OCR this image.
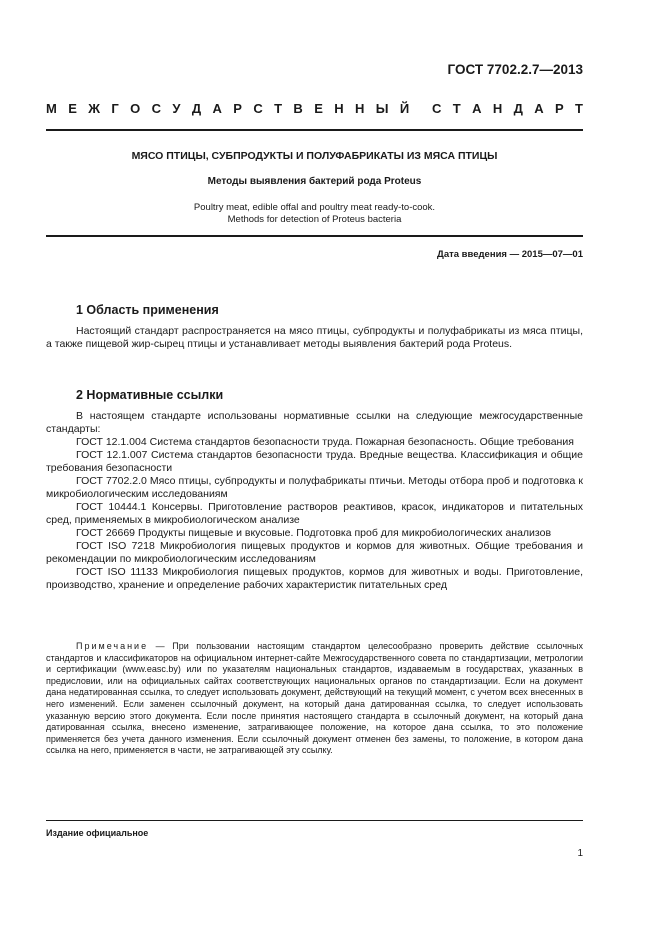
ГОСТ 7702.2.7—2013
М Е Ж Г О С У Д А Р С Т В Е Н Н Ы Й С Т А Н Д А Р Т
МЯСО ПТИЦЫ, СУБПРОДУКТЫ И ПОЛУФАБРИКАТЫ ИЗ МЯСА ПТИЦЫ
Методы выявления бактерий рода Proteus
Poultry meat, edible offal and poultry meat ready-to-cook.
Methods for detection of Proteus bacteria
Дата введения — 2015—07—01
1 Область применения
Настоящий стандарт распространяется на мясо птицы, субпродукты и полуфабрикаты из мяса птицы, а также пищевой жир-сырец птицы и устанавливает методы выявления бактерий рода Proteus.
2 Нормативные ссылки

В настоящем стандарте использованы нормативные ссылки на следующие межгосударственные стандарты:

ГОСТ 12.1.004 Система стандартов безопасности труда. Пожарная безопасность. Общие требования

ГОСТ 12.1.007 Система стандартов безопасности труда. Вредные вещества. Классификация и общие требования безопасности

ГОСТ 7702.2.0 Мясо птицы, субпродукты и полуфабрикаты птичьи. Методы отбора проб и подготовка к микробиологическим исследованиям

ГОСТ 10444.1 Консервы. Приготовление растворов реактивов, красок, индикаторов и питательных сред, применяемых в микробиологическом анализе

ГОСТ 26669 Продукты пищевые и вкусовые. Подготовка проб для микробиологических анализов

ГОСТ ISO 7218 Микробиология пищевых продуктов и кормов для животных. Общие требования и рекомендации по микробиологическим исследованиям

ГОСТ ISO 11133 Микробиология пищевых продуктов, кормов для животных и воды. Приготовление, производство, хранение и определение рабочих характеристик питательных сред

Примечание — При пользовании настоящим стандартом целесообразно проверить действие ссылочных стандартов и классификаторов на официальном интернет-сайте Межгосударственного совета по стандартизации, метрологии и сертификации (www.easc.by) или по указателям национальных стандартов, издаваемым в государствах, указанных в предисловии, или на официальных сайтах соответствующих национальных органов по стандартизации. Если на документ дана недатированная ссылка, то следует использовать документ, действующий на текущий момент, с учетом всех внесенных в него изменений. Если заменен ссылочный документ, на который дана датированная ссылка, то следует использовать указанную версию этого документа. Если после принятия настоящего стандарта в ссылочный документ, на который дана датированная ссылка, внесено изменение, затрагивающее положение, на которое дана ссылка, то это положение применяется без учета данного изменения. Если ссылочный документ отменен без замены, то положение, в котором дана ссылка на него, применяется в части, не затрагивающей эту ссылку.
Издание официальное
1
